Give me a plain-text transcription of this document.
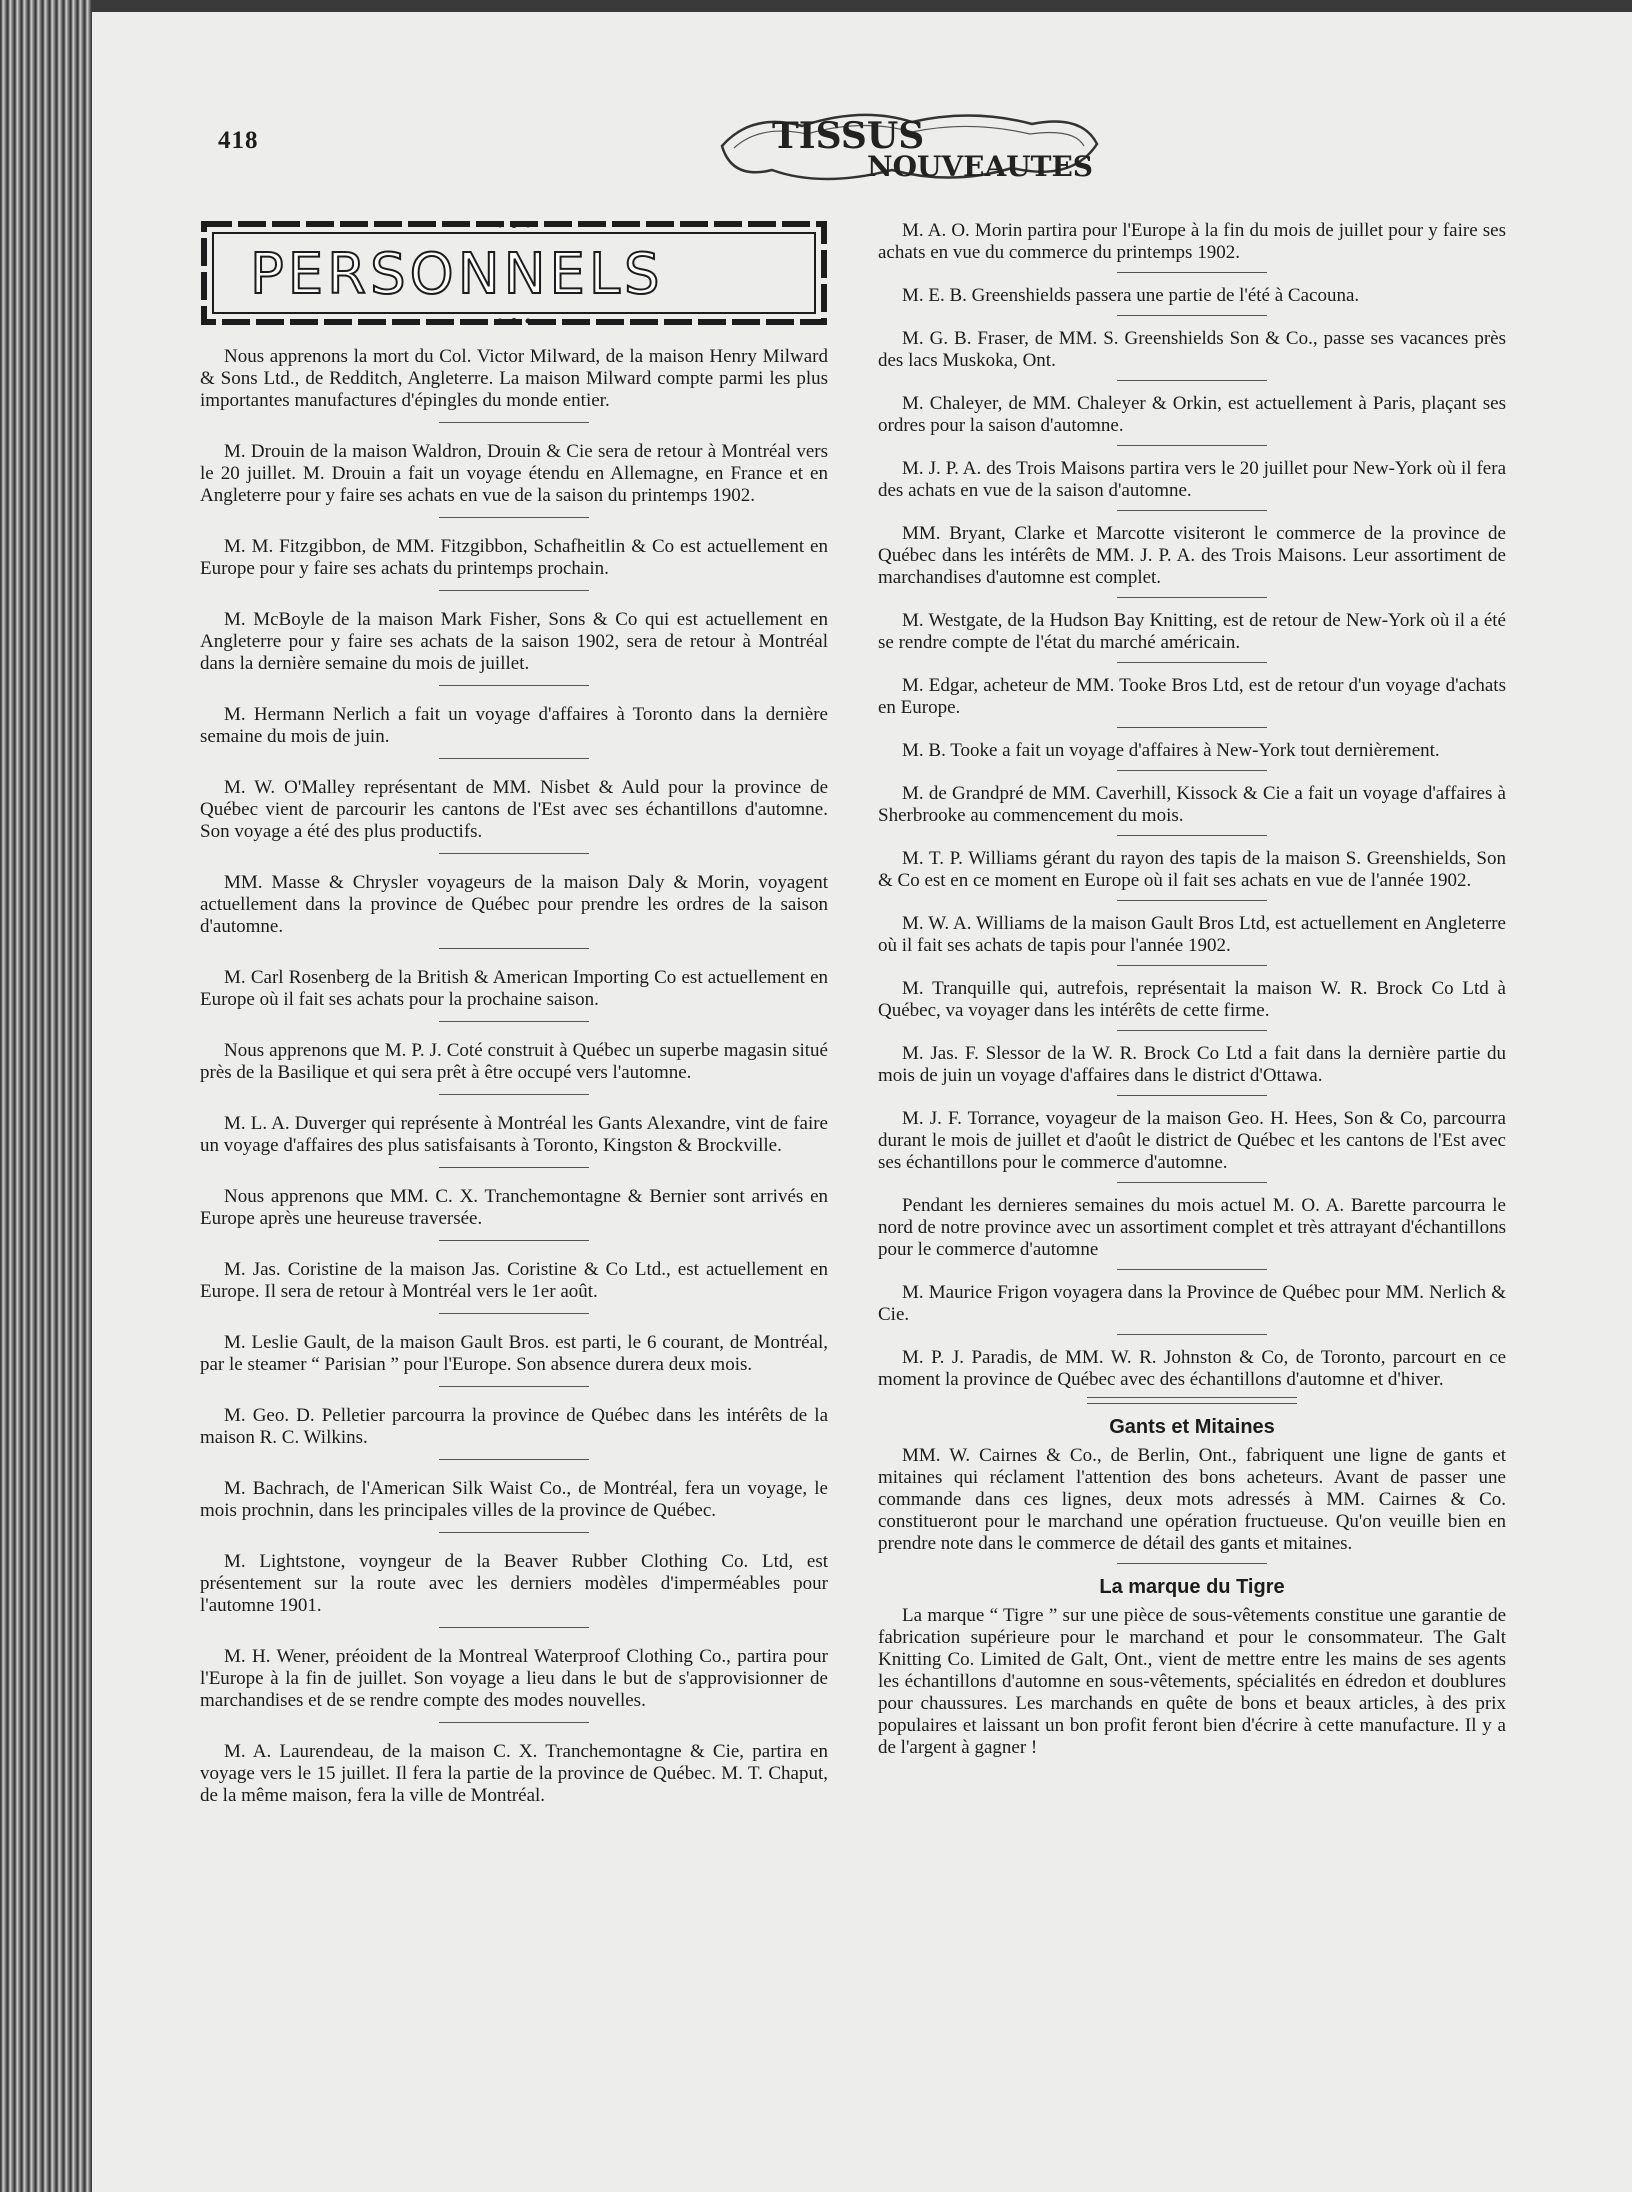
418	TISSUS
NOUVEAUTES
PERSONNELS

Nous apprenons la mort du Col. Victor Milward, de la maison Henry Milward & Sons Ltd., de Redditch, Angleterre. La maison Milward compte parmi les plus importantes manufactures d'épingles du monde entier.

M. Drouin de la maison Waldron, Drouin & Cie sera de retour à Montréal vers le 20 juillet. M. Drouin a fait un voyage étendu en Allemagne, en France et en Angleterre pour y faire ses achats en vue de la saison du printemps 1902.

M. M. Fitzgibbon, de MM. Fitzgibbon, Schafheitlin & Co est actuellement en Europe pour y faire ses achats du printemps prochain.

M. McBoyle de la maison Mark Fisher, Sons & Co qui est actuellement en Angleterre pour y faire ses achats de la saison 1902, sera de retour à Montréal dans la dernière semaine du mois de juillet.

M. Hermann Nerlich a fait un voyage d'affaires à Toronto dans la dernière semaine du mois de juin.

M. W. O'Malley représentant de MM. Nisbet & Auld pour la province de Québec vient de parcourir les cantons de l'Est avec ses échantillons d'automne. Son voyage a été des plus productifs.

MM. Masse & Chrysler voyageurs de la maison Daly & Morin, voyagent actuellement dans la province de Québec pour prendre les ordres de la saison d'automne.

M. Carl Rosenberg de la British & American Importing Co est actuellement en Europe où il fait ses achats pour la prochaine saison.

Nous apprenons que M. P. J. Coté construit à Québec un superbe magasin situé près de la Basilique et qui sera prêt à être occupé vers l'automne.

M. L. A. Duverger qui représente à Montréal les Gants Alexandre, vint de faire un voyage d'affaires des plus satisfaisants à Toronto, Kingston & Brockville.

Nous apprenons que MM. C. X. Tranchemontagne & Bernier sont arrivés en Europe après une heureuse traversée.

M. Jas. Coristine de la maison Jas. Coristine & Co Ltd., est actuellement en Europe. Il sera de retour à Montréal vers le 1er août.

M. Leslie Gault, de la maison Gault Bros. est parti, le 6 courant, de Montréal, par le steamer “ Parisian ” pour l'Europe. Son absence durera deux mois.

M. Geo. D. Pelletier parcourra la province de Québec dans les intérêts de la maison R. C. Wilkins.

M. Bachrach, de l'American Silk Waist Co., de Montréal, fera un voyage, le mois prochnin, dans les principales villes de la province de Québec.

M. Lightstone, voyngeur de la Beaver Rubber Clothing Co. Ltd, est présentement sur la route avec les derniers modèles d'imperméables pour l'automne 1901.

M. H. Wener, préoident de la Montreal Waterproof Clothing Co., partira pour l'Europe à la fin de juillet. Son voyage a lieu dans le but de s'approvisionner de marchandises et de se rendre compte des modes nouvelles.

M. A. Laurendeau, de la maison C. X. Tranchemontagne & Cie, partira en voyage vers le 15 juillet. Il fera la partie de la province de Québec. M. T. Chaput, de la même maison, fera la ville de Montréal.

M. A. O. Morin partira pour l'Europe à la fin du mois de juillet pour y faire ses achats en vue du commerce du printemps 1902.

M. E. B. Greenshields passera une partie de l'été à Cacouna.

M. G. B. Fraser, de MM. S. Greenshields Son & Co., passe ses vacances près des lacs Muskoka, Ont.

M. Chaleyer, de MM. Chaleyer & Orkin, est actuellement à Paris, plaçant ses ordres pour la saison d'automne.

M. J. P. A. des Trois Maisons partira vers le 20 juillet pour New-York où il fera des achats en vue de la saison d'automne.

MM. Bryant, Clarke et Marcotte visiteront le commerce de la province de Québec dans les intérêts de MM. J. P. A. des Trois Maisons. Leur assortiment de marchandises d'automne est complet.

M. Westgate, de la Hudson Bay Knitting, est de retour de New-York où il a été se rendre compte de l'état du marché américain.

M. Edgar, acheteur de MM. Tooke Bros Ltd, est de retour d'un voyage d'achats en Europe.

M. B. Tooke a fait un voyage d'affaires à New-York tout dernièrement.

M. de Grandpré de MM. Caverhill, Kissock & Cie a fait un voyage d'affaires à Sherbrooke au commencement du mois.

M. T. P. Williams gérant du rayon des tapis de la maison S. Greenshields, Son & Co est en ce moment en Europe où il fait ses achats en vue de l'année 1902.

M. W. A. Williams de la maison Gault Bros Ltd, est actuellement en Angleterre où il fait ses achats de tapis pour l'année 1902.

M. Tranquille qui, autrefois, représentait la maison W. R. Brock Co Ltd à Québec, va voyager dans les intérêts de cette firme.

M. Jas. F. Slessor de la W. R. Brock Co Ltd a fait dans la dernière partie du mois de juin un voyage d'affaires dans le district d'Ottawa.

M. J. F. Torrance, voyageur de la maison Geo. H. Hees, Son & Co, parcourra durant le mois de juillet et d'août le district de Québec et les cantons de l'Est avec ses échantillons pour le commerce d'automne.

Pendant les dernieres semaines du mois actuel M. O. A. Barette parcourra le nord de notre province avec un assortiment complet et très attrayant d'échantillons pour le commerce d'automne

M. Maurice Frigon voyagera dans la Province de Québec pour MM. Nerlich & Cie.

M. P. J. Paradis, de MM. W. R. Johnston & Co, de Toronto, parcourt en ce moment la province de Québec avec des échantillons d'automne et d'hiver.

Gants et Mitaines

MM. W. Cairnes & Co., de Berlin, Ont., fabriquent une ligne de gants et mitaines qui réclament l'attention des bons acheteurs. Avant de passer une commande dans ces lignes, deux mots adressés à MM. Cairnes & Co. constitueront pour le marchand une opération fructueuse. Qu'on veuille bien en prendre note dans le commerce de détail des gants et mitaines.

La marque du Tigre

La marque “ Tigre ” sur une pièce de sous-vêtements constitue une garantie de fabrication supérieure pour le marchand et pour le consommateur. The Galt Knitting Co. Limited de Galt, Ont., vient de mettre entre les mains de ses agents les échantillons d'automne en sous-vêtements, spécialités en édredon et doublures pour chaussures. Les marchands en quête de bons et beaux articles, à des prix populaires et laissant un bon profit feront bien d'écrire à cette manufacture. Il y a de l'argent à gagner !
